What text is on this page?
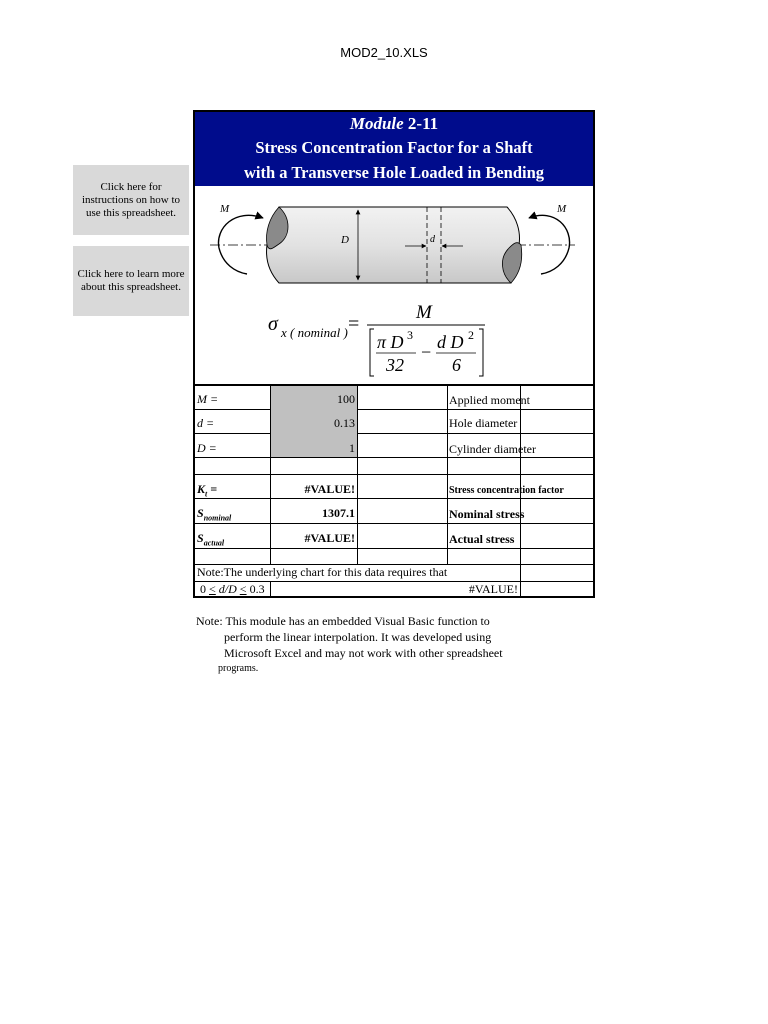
MOD2_10.XLS
Click here for instructions on how to use this spreadsheet.
Click here to learn more about this spreadsheet.
Module 2-11
Stress Concentration Factor for a Shaft
with a Transverse Hole Loaded in Bending
D	d
M	M
σ x ( nominal ) =
M
π D 3
32
− d D 2
6
M =	100	Applied moment
d =	0.13	Hole diameter
D =	1	Cylinder diameter
$K_t$ =	#VALUE!	Stress concentration factor
$S_{nominal}$	1307.1	Nominal stress
$S_{actual}$	#VALUE!	Actual stress
Note:The underlying chart for this data requires that
0 < d/D < 0.3	#VALUE!
Note: This module has an embedded Visual Basic function to
perform the linear interpolation. It was developed using
Microsoft Excel and may not work with other spreadsheet
programs.
